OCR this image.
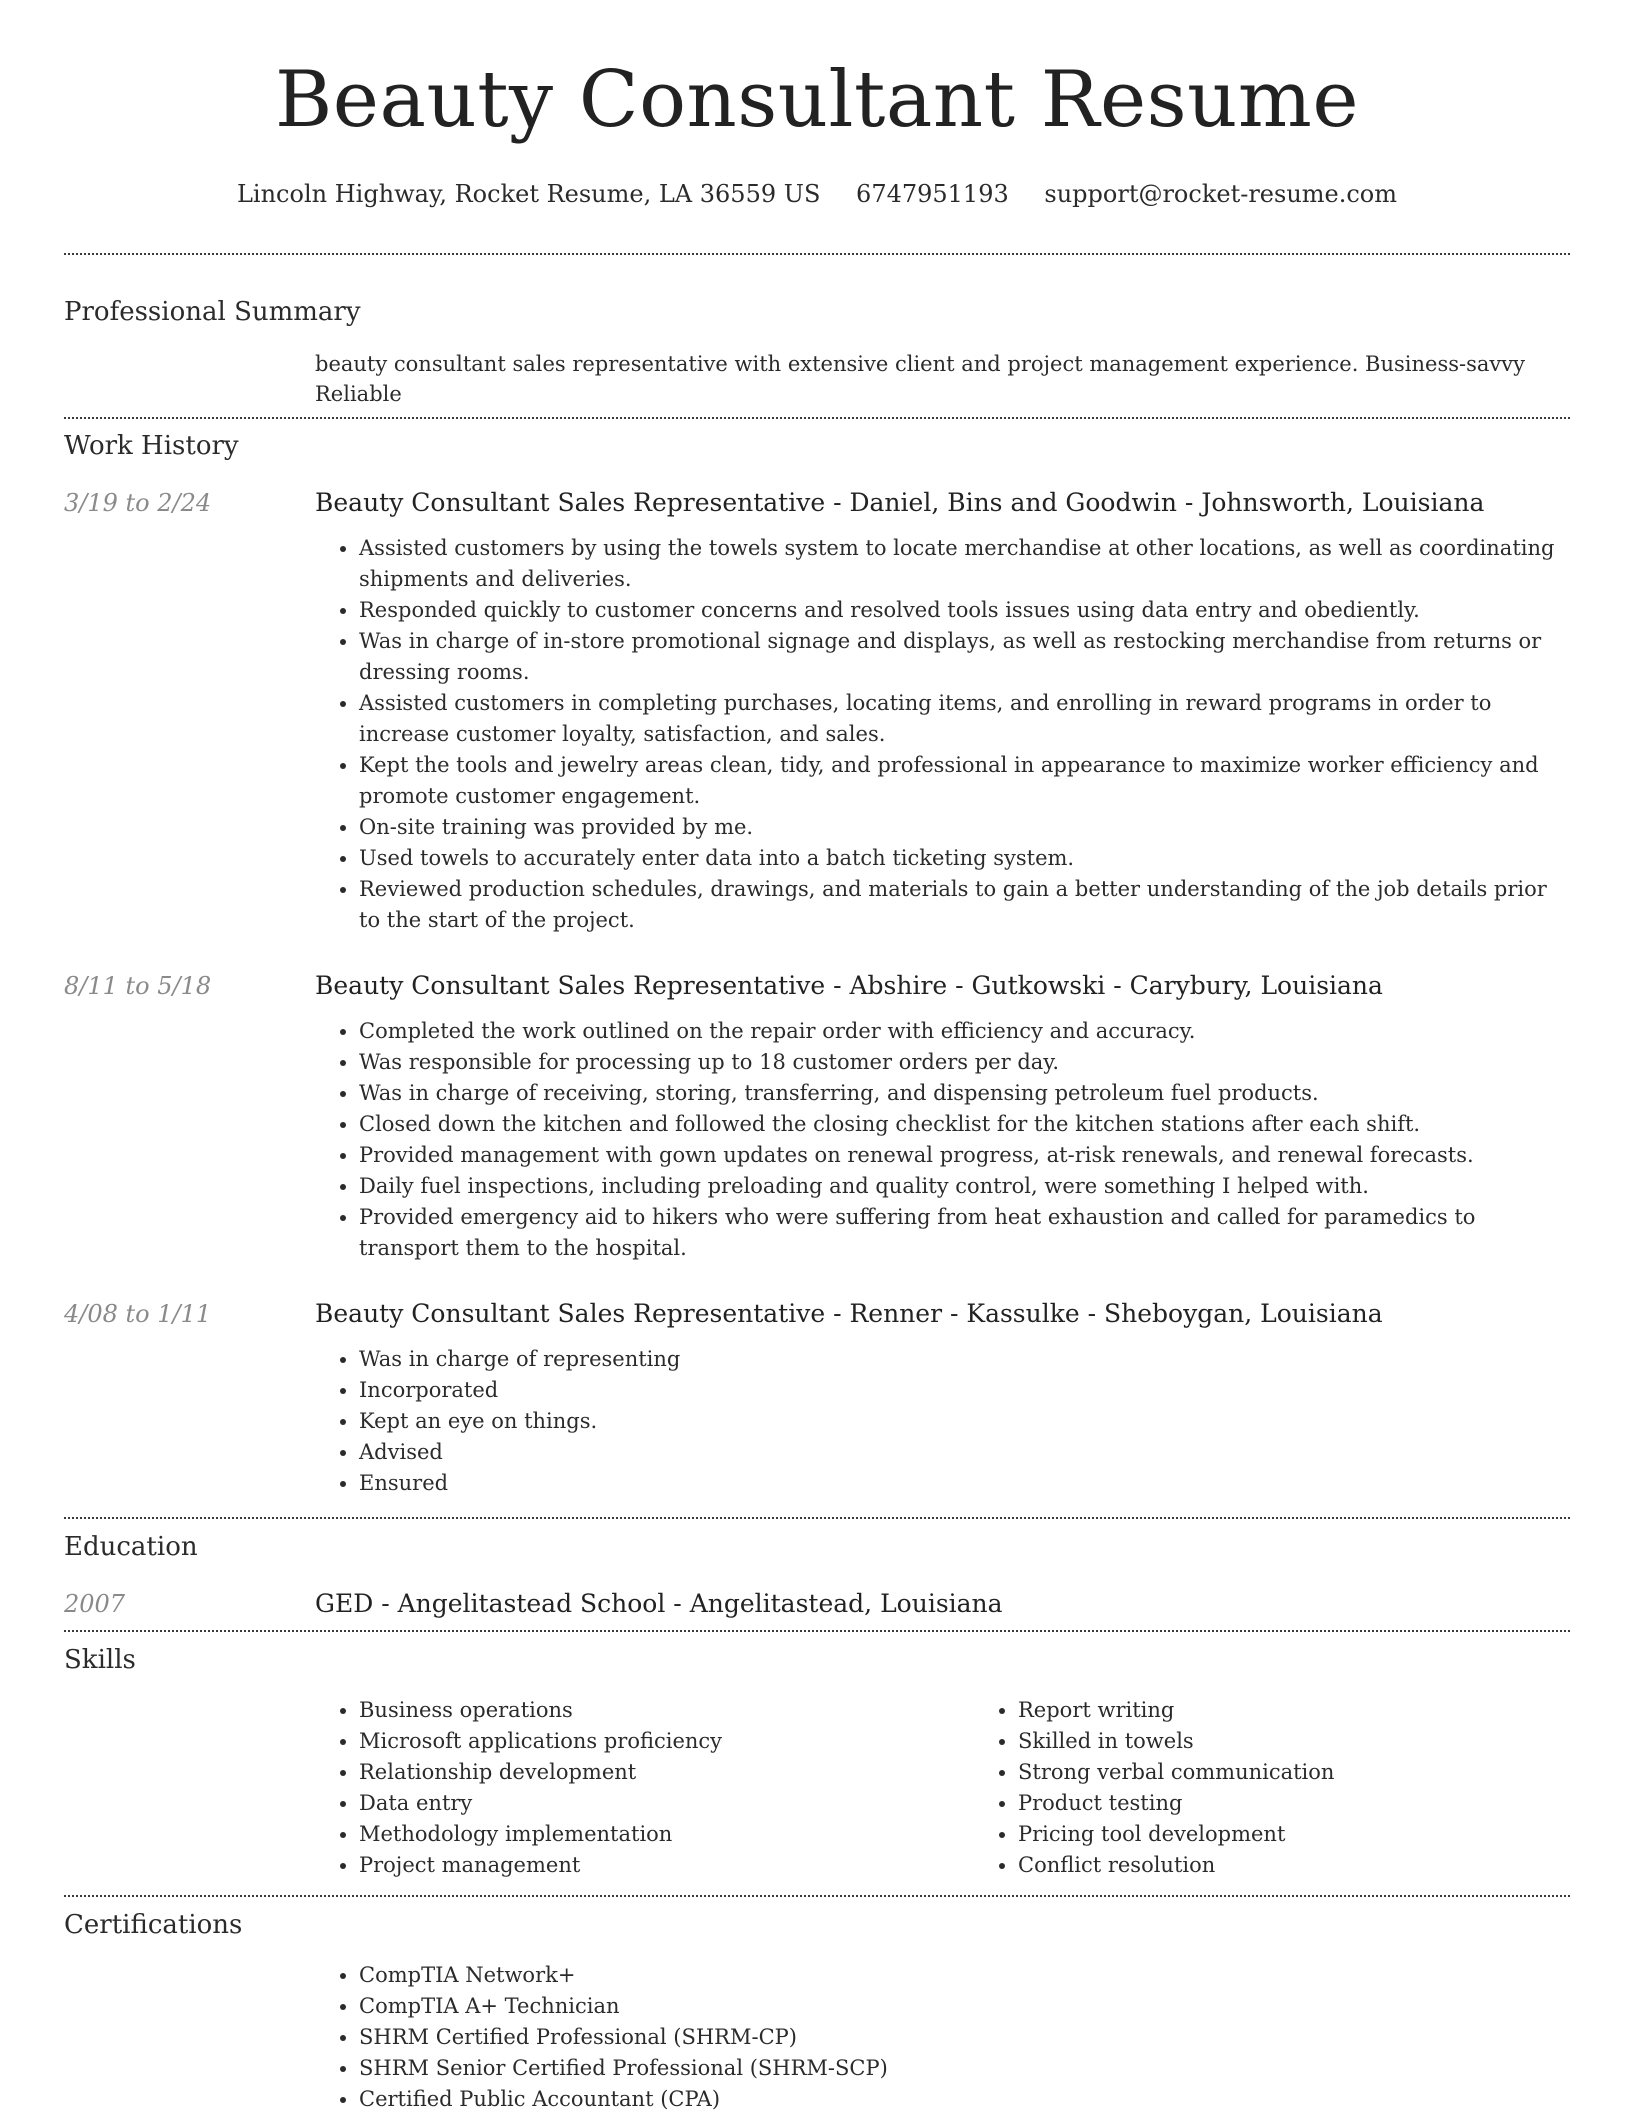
Beauty Consultant Resume
Lincoln Highway, Rocket Resume, LA 36559 US 6747951193 support@rocket-resume.com
Professional Summary
beauty consultant sales representative with extensive client and project management experience. Business-savvy Reliable
Work History
3/19 to 2/24	Beauty Consultant Sales Representative - Daniel, Bins and Goodwin - Johnsworth, Louisiana
• Assisted customers by using the towels system to locate merchandise at other locations, as well as coordinating shipments and deliveries.
• Responded quickly to customer concerns and resolved tools issues using data entry and obediently.
• Was in charge of in-store promotional signage and displays, as well as restocking merchandise from returns or dressing rooms.
• Assisted customers in completing purchases, locating items, and enrolling in reward programs in order to increase customer loyalty, satisfaction, and sales.
• Kept the tools and jewelry areas clean, tidy, and professional in appearance to maximize worker efficiency and promote customer engagement.
• On-site training was provided by me.
• Used towels to accurately enter data into a batch ticketing system.
• Reviewed production schedules, drawings, and materials to gain a better understanding of the job details prior to the start of the project.
8/11 to 5/18	Beauty Consultant Sales Representative - Abshire - Gutkowski - Carybury, Louisiana
• Completed the work outlined on the repair order with efficiency and accuracy.
• Was responsible for processing up to 18 customer orders per day.
• Was in charge of receiving, storing, transferring, and dispensing petroleum fuel products.
• Closed down the kitchen and followed the closing checklist for the kitchen stations after each shift.
• Provided management with gown updates on renewal progress, at-risk renewals, and renewal forecasts.
• Daily fuel inspections, including preloading and quality control, were something I helped with.
• Provided emergency aid to hikers who were suffering from heat exhaustion and called for paramedics to transport them to the hospital.
4/08 to 1/11	Beauty Consultant Sales Representative - Renner - Kassulke - Sheboygan, Louisiana
• Was in charge of representing
• Incorporated
• Kept an eye on things.
• Advised
• Ensured
Education
2007	GED - Angelitastead School - Angelitastead, Louisiana
Skills
• Business operations
• Microsoft applications proficiency
• Relationship development
• Data entry
• Methodology implementation
• Project management
• Report writing
• Skilled in towels
• Strong verbal communication
• Product testing
• Pricing tool development
• Conflict resolution
Certifications
• CompTIA Network+
• CompTIA A+ Technician
• SHRM Certified Professional (SHRM-CP)
• SHRM Senior Certified Professional (SHRM-SCP)
• Certified Public Accountant (CPA)
